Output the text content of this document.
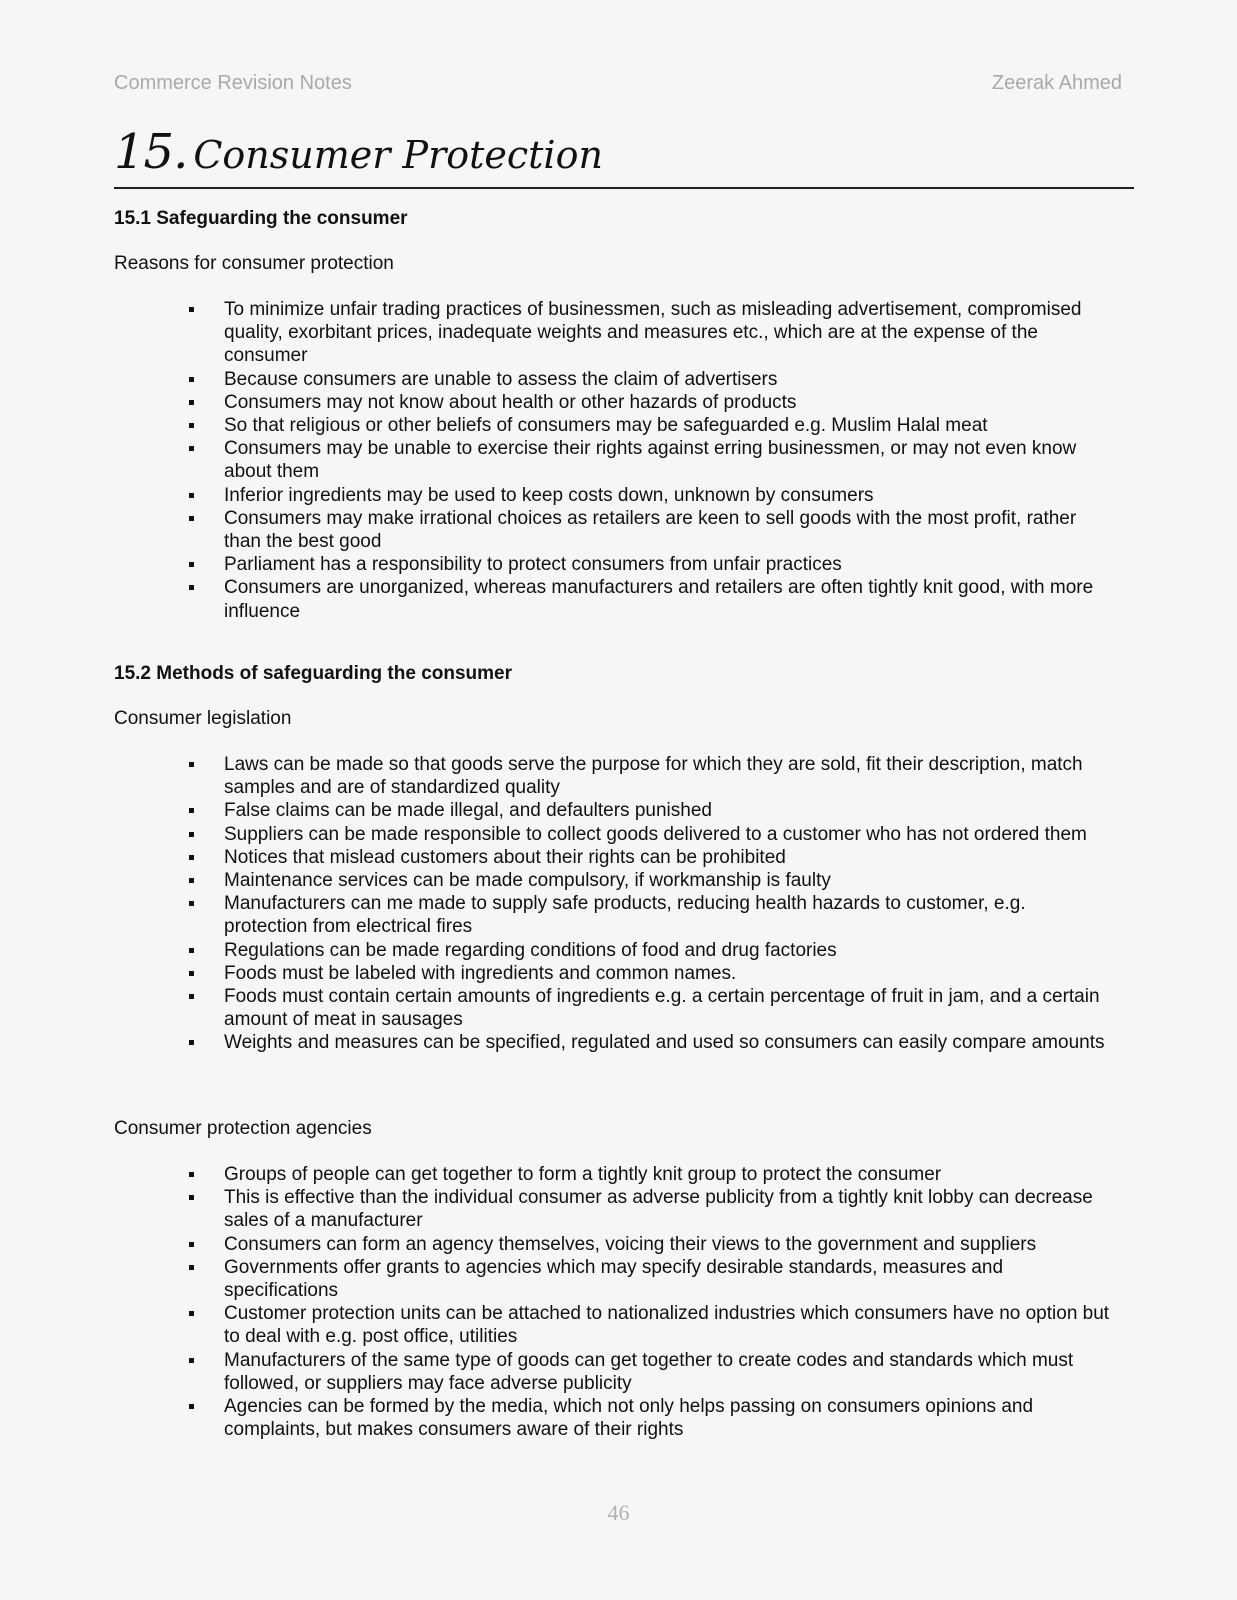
Commerce Revision Notes	Zeerak Ahmed
15. Consumer Protection
15.1 Safeguarding the consumer

Reasons for consumer protection

To minimize unfair trading practices of businessmen, such as misleading advertisement, compromised quality, exorbitant prices, inadequate weights and measures etc., which are at the expense of the consumer
Because consumers are unable to assess the claim of advertisers
Consumers may not know about health or other hazards of products
So that religious or other beliefs of consumers may be safeguarded e.g. Muslim Halal meat
Consumers may be unable to exercise their rights against erring businessmen, or may not even know about them
Inferior ingredients may be used to keep costs down, unknown by consumers
Consumers may make irrational choices as retailers are keen to sell goods with the most profit, rather than the best good
Parliament has a responsibility to protect consumers from unfair practices
Consumers are unorganized, whereas manufacturers and retailers are often tightly knit good, with more influence
15.2 Methods of safeguarding the consumer

Consumer legislation

Laws can be made so that goods serve the purpose for which they are sold, fit their description, match samples and are of standardized quality
False claims can be made illegal, and defaulters punished
Suppliers can be made responsible to collect goods delivered to a customer who has not ordered them
Notices that mislead customers about their rights can be prohibited
Maintenance services can be made compulsory, if workmanship is faulty
Manufacturers can me made to supply safe products, reducing health hazards to customer, e.g. protection from electrical fires
Regulations can be made regarding conditions of food and drug factories
Foods must be labeled with ingredients and common names.
Foods must contain certain amounts of ingredients e.g. a certain percentage of fruit in jam, and a certain amount of meat in sausages
Weights and measures can be specified, regulated and used so consumers can easily compare amounts

Consumer protection agencies

Groups of people can get together to form a tightly knit group to protect the consumer
This is effective than the individual consumer as adverse publicity from a tightly knit lobby can decrease sales of a manufacturer
Consumers can form an agency themselves, voicing their views to the government and suppliers
Governments offer grants to agencies which may specify desirable standards, measures and specifications
Customer protection units can be attached to nationalized industries which consumers have no option but to deal with e.g. post office, utilities
Manufacturers of the same type of goods can get together to create codes and standards which must followed, or suppliers may face adverse publicity
Agencies can be formed by the media, which not only helps passing on consumers opinions and complaints, but makes consumers aware of their rights
46
